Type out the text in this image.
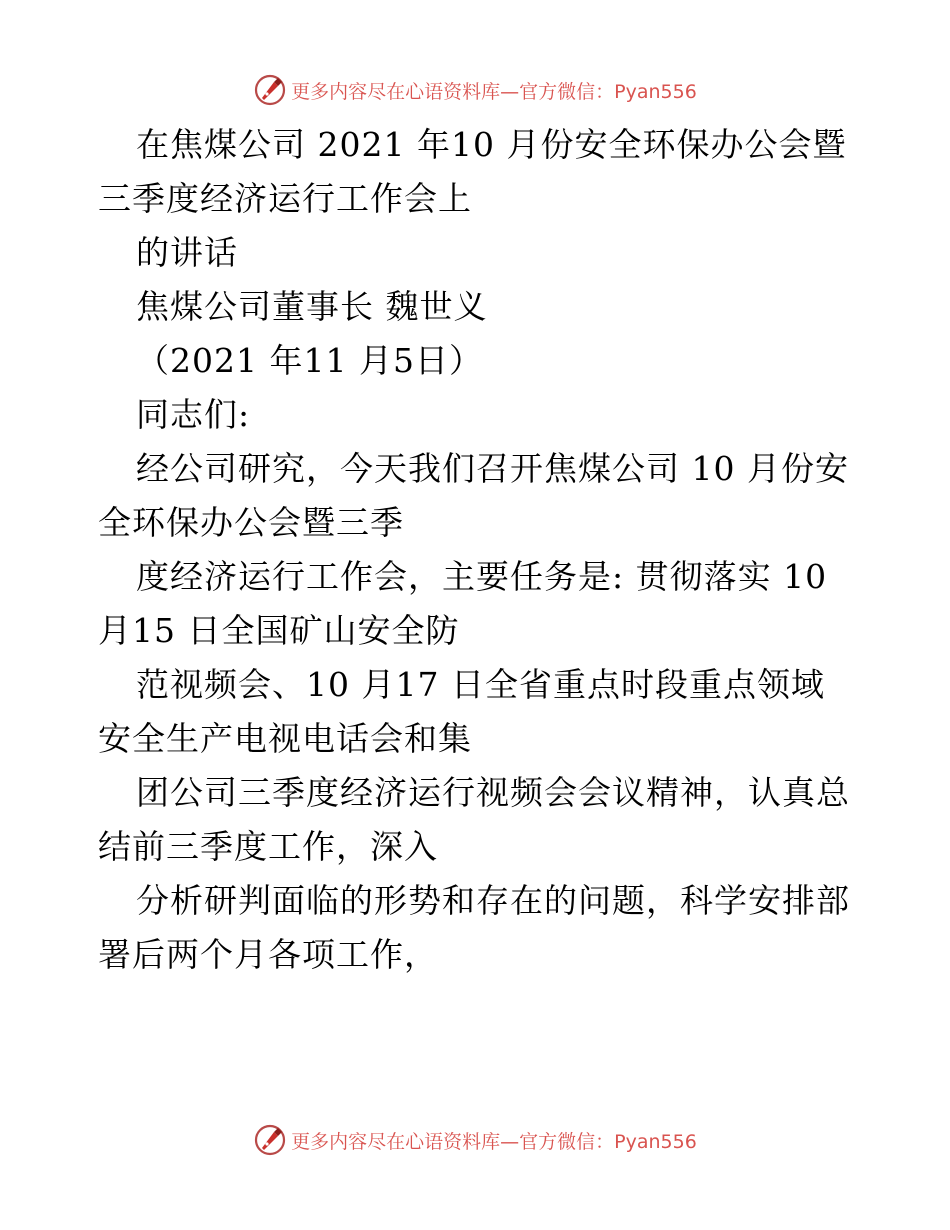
更多内容尽在心语资料库—官方微信：Pyan556
在焦煤公司 2021 年10 月份安全环保办公会暨
三季度经济运行工作会上
的讲话
焦煤公司董事长 魏世义
（2021 年11 月5日）
同志们:
经公司研究，今天我们召开焦煤公司 10 月份安
全环保办公会暨三季
度经济运行工作会，主要任务是: 贯彻落实 10
月15 日全国矿山安全防
范视频会、10 月17 日全省重点时段重点领域
安全生产电视电话会和集
团公司三季度经济运行视频会会议精神，认真总
结前三季度工作，深入
分析研判面临的形势和存在的问题，科学安排部
署后两个月各项工作，
更多内容尽在心语资料库—官方微信：Pyan556
